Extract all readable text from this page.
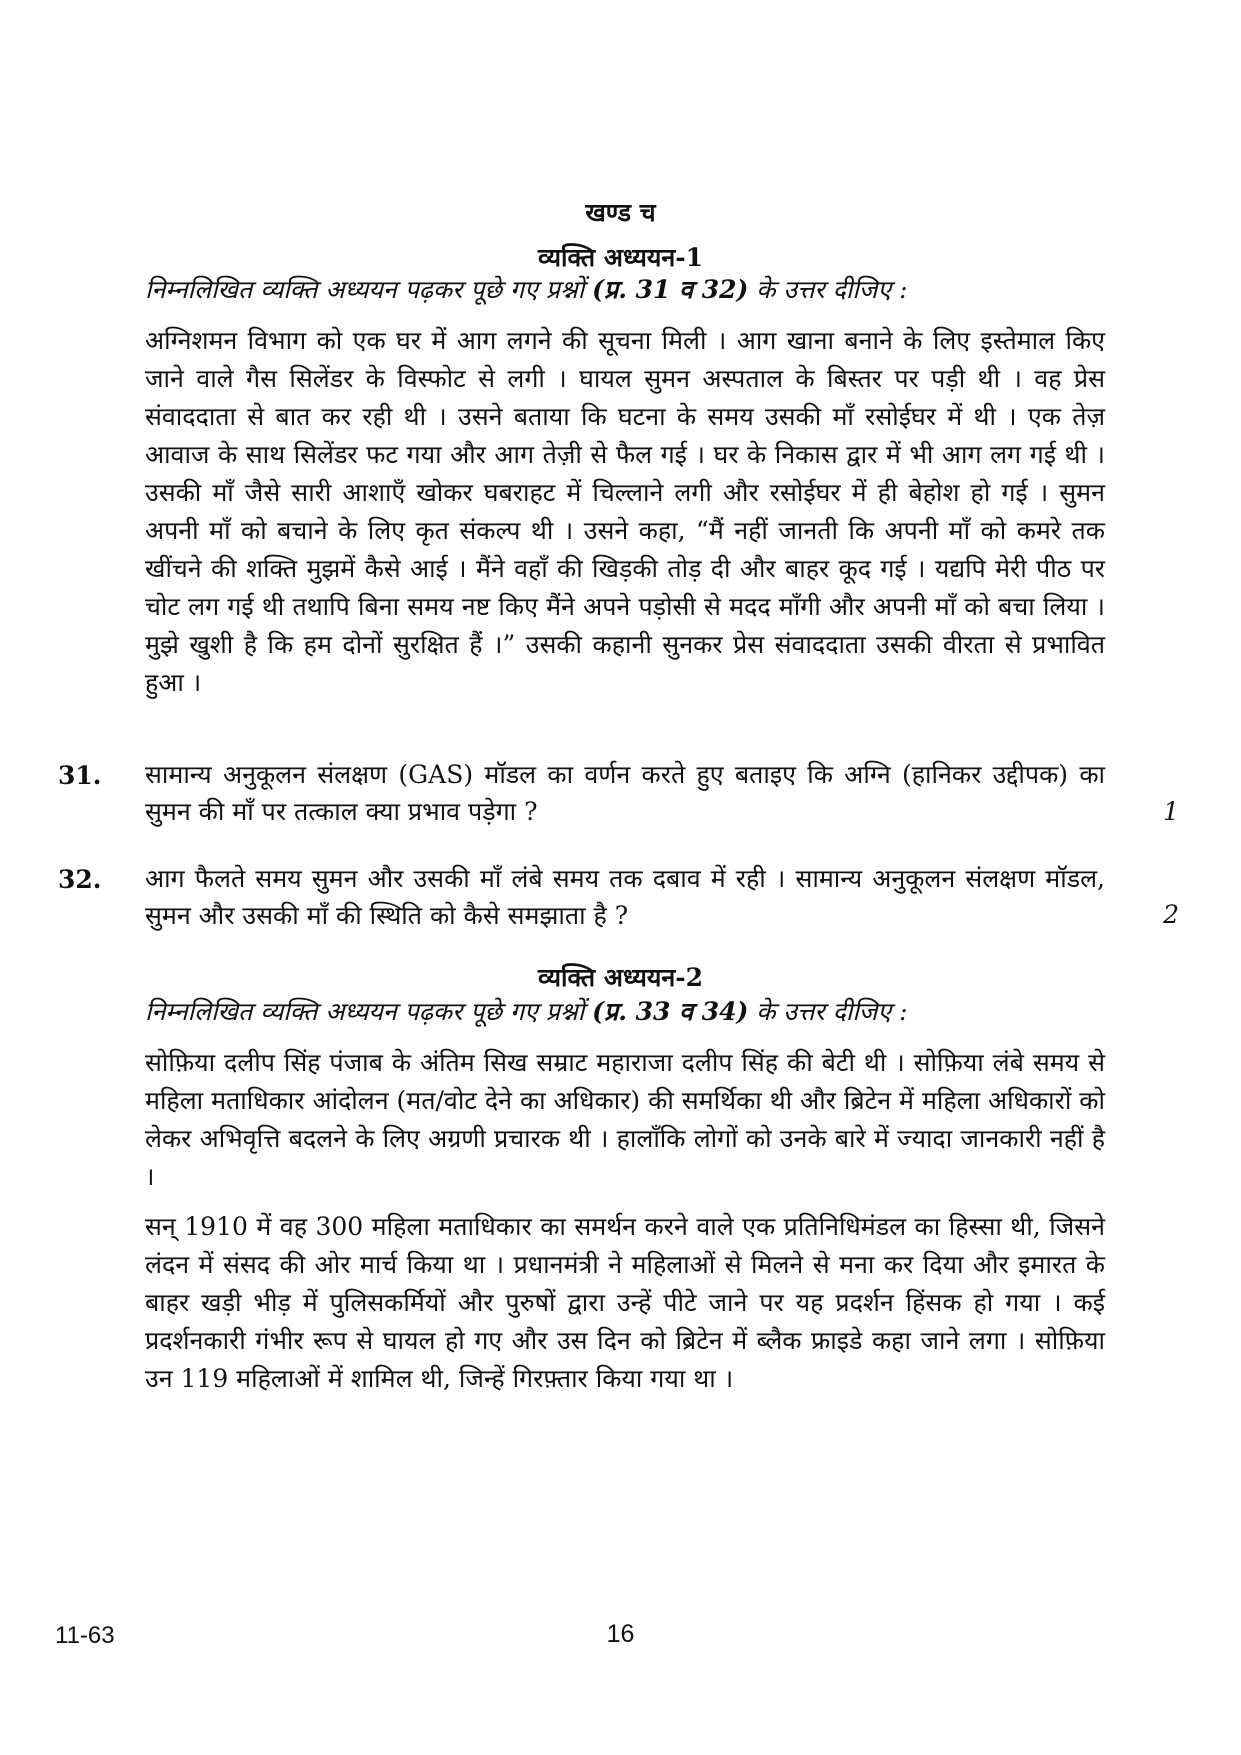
खण्ड च
व्यक्ति अध्ययन-1
निम्नलिखित व्यक्ति अध्ययन पढ़कर पूछे गए प्रश्नों (प्र. 31 व 32) के उत्तर दीजिए :
अग्निशमन विभाग को एक घर में आग लगने की सूचना मिली । आग खाना बनाने के लिए इस्तेमाल किए जाने वाले गैस सिलेंडर के विस्फोट से लगी । घायल सुमन अस्पताल के बिस्तर पर पड़ी थी । वह प्रेस संवाददाता से बात कर रही थी । उसने बताया कि घटना के समय उसकी माँ रसोईघर में थी । एक तेज़ आवाज के साथ सिलेंडर फट गया और आग तेज़ी से फैल गई । घर के निकास द्वार में भी आग लग गई थी । उसकी माँ जैसे सारी आशाएँ खोकर घबराहट में चिल्लाने लगी और रसोईघर में ही बेहोश हो गई । सुमन अपनी माँ को बचाने के लिए कृत संकल्प थी । उसने कहा, “मैं नहीं जानती कि अपनी माँ को कमरे तक खींचने की शक्ति मुझमें कैसे आई । मैंने वहाँ की खिड़की तोड़ दी और बाहर कूद गई । यद्यपि मेरी पीठ पर चोट लग गई थी तथापि बिना समय नष्ट किए मैंने अपने पड़ोसी से मदद माँगी और अपनी माँ को बचा लिया । मुझे खुशी है कि हम दोनों सुरक्षित हैं ।” उसकी कहानी सुनकर प्रेस संवाददाता उसकी वीरता से प्रभावित हुआ ।
31. सामान्य अनुकूलन संलक्षण (GAS) मॉडल का वर्णन करते हुए बताइए कि अग्नि (हानिकर उद्दीपक) का सुमन की माँ पर तत्काल क्या प्रभाव पड़ेगा ?	1
32. आग फैलते समय सुमन और उसकी माँ लंबे समय तक दबाव में रही । सामान्य अनुकूलन संलक्षण मॉडल, सुमन और उसकी माँ की स्थिति को कैसे समझाता है ?	2
व्यक्ति अध्ययन-2
निम्नलिखित व्यक्ति अध्ययन पढ़कर पूछे गए प्रश्नों (प्र. 33 व 34) के उत्तर दीजिए :
सोफ़िया दलीप सिंह पंजाब के अंतिम सिख सम्राट महाराजा दलीप सिंह की बेटी थी । सोफ़िया लंबे समय से महिला मताधिकार आंदोलन (मत/वोट देने का अधिकार) की समर्थिका थी और ब्रिटेन में महिला अधिकारों को लेकर अभिवृत्ति बदलने के लिए अग्रणी प्रचारक थी । हालाँकि लोगों को उनके बारे में ज्यादा जानकारी नहीं है ।
सन् 1910 में वह 300 महिला मताधिकार का समर्थन करने वाले एक प्रतिनिधिमंडल का हिस्सा थी, जिसने लंदन में संसद की ओर मार्च किया था । प्रधानमंत्री ने महिलाओं से मिलने से मना कर दिया और इमारत के बाहर खड़ी भीड़ में पुलिसकर्मियों और पुरुषों द्वारा उन्हें पीटे जाने पर यह प्रदर्शन हिंसक हो गया । कई प्रदर्शनकारी गंभीर रूप से घायल हो गए और उस दिन को ब्रिटेन में ब्लैक फ्राइडे कहा जाने लगा । सोफ़िया उन 119 महिलाओं में शामिल थी, जिन्हें गिरफ़्तार किया गया था ।
11-63	16
